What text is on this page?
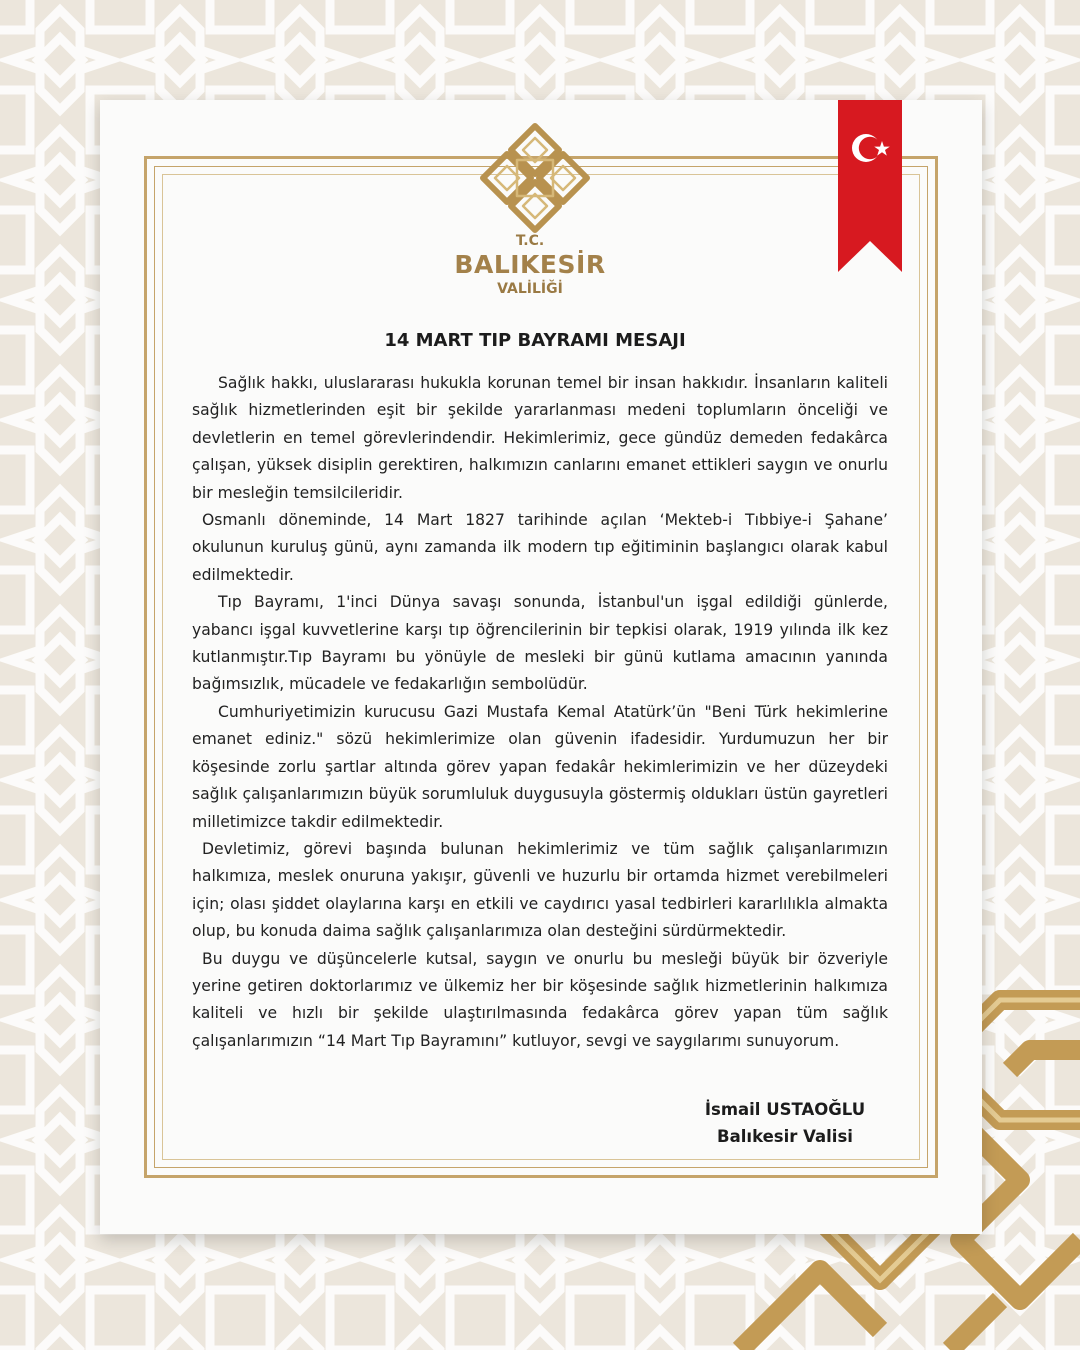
T.C.
BALIKESİR
VALİLİĞİ
14 MART TIP BAYRAMI MESAJI

Sağlık hakkı, uluslararası hukukla korunan temel bir insan hakkıdır. İnsanların kaliteli sağlık hizmetlerinden eşit bir şekilde yararlanması medeni toplumların önceliği ve devletlerin en temel görevlerindendir. Hekimlerimiz, gece gündüz demeden fedakârca çalışan, yüksek disiplin gerektiren, halkımızın canlarını emanet ettikleri saygın ve onurlu bir mesleğin temsilcileridir.

Osmanlı döneminde, 14 Mart 1827 tarihinde açılan ‘Mekteb-i Tıbbiye-i Şahane’ okulunun kuruluş günü, aynı zamanda ilk modern tıp eğitiminin başlangıcı olarak kabul edilmektedir.

Tıp Bayramı, 1'inci Dünya savaşı sonunda, İstanbul'un işgal edildiği günlerde, yabancı işgal kuvvetlerine karşı tıp öğrencilerinin bir tepkisi olarak, 1919 yılında ilk kez kutlanmıştır.Tıp Bayramı bu yönüyle de mesleki bir günü kutlama amacının yanında bağımsızlık, mücadele ve fedakarlığın sembolüdür.

Cumhuriyetimizin kurucusu Gazi Mustafa Kemal Atatürk’ün "Beni Türk hekimlerine emanet ediniz." sözü hekimlerimize olan güvenin ifadesidir. Yurdumuzun her bir köşesinde zorlu şartlar altında görev yapan fedakâr hekimlerimizin ve her düzeydeki sağlık çalışanlarımızın büyük sorumluluk duygusuyla göstermiş oldukları üstün gayretleri milletimizce takdir edilmektedir.

Devletimiz, görevi başında bulunan hekimlerimiz ve tüm sağlık çalışanlarımızın halkımıza, meslek onuruna yakışır, güvenli ve huzurlu bir ortamda hizmet verebilmeleri için; olası şiddet olaylarına karşı en etkili ve caydırıcı yasal tedbirleri kararlılıkla almakta olup, bu konuda daima sağlık çalışanlarımıza olan desteğini sürdürmektedir.

Bu duygu ve düşüncelerle kutsal, saygın ve onurlu bu mesleği büyük bir özveriyle yerine getiren doktorlarımız ve ülkemiz her bir köşesinde sağlık hizmetlerinin halkımıza kaliteli ve hızlı bir şekilde ulaştırılmasında fedakârca görev yapan tüm sağlık çalışanlarımızın “14 Mart Tıp Bayramını” kutluyor, sevgi ve saygılarımı sunuyorum.

İsmail USTAOĞLU
Balıkesir Valisi
